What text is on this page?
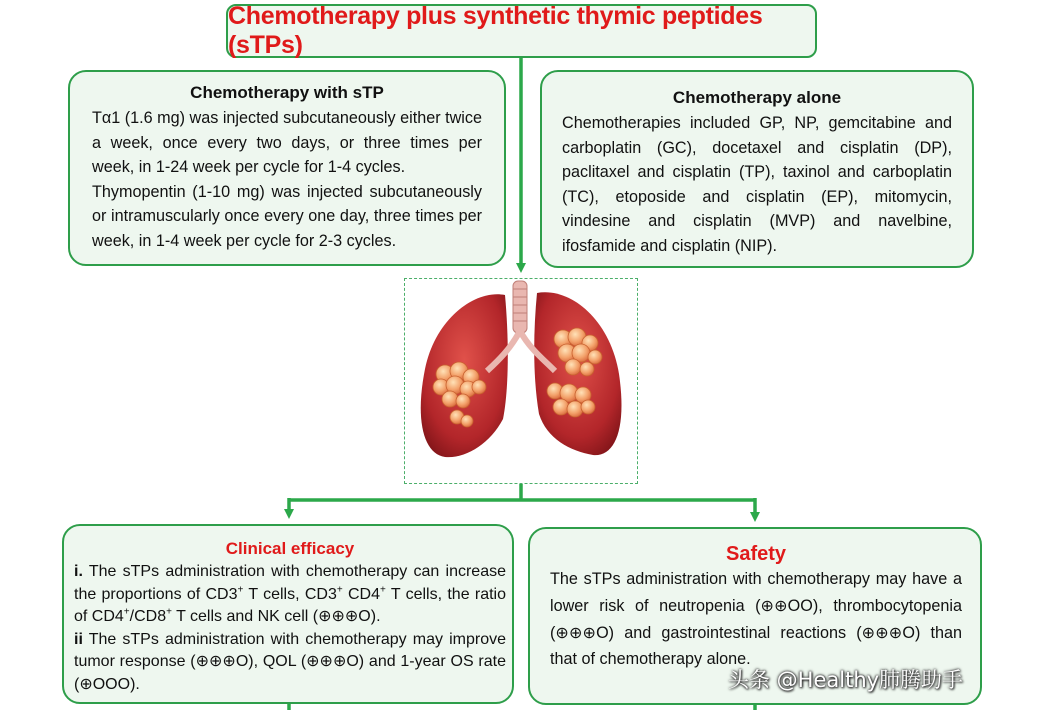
Chemotherapy plus synthetic thymic peptides (sTPs)
Chemotherapy with sTP
Tα1 (1.6 mg) was injected subcutaneously either twice a week, once every two days, or three times per week, in 1-24 week per cycle for 1-4 cycles.
Thymopentin (1-10 mg) was injected subcutaneously or intramuscularly once every one day, three times per week, in 1-4 week per cycle for 2-3 cycles.
Chemotherapy alone
Chemotherapies included GP, NP, gemcitabine and carboplatin (GC), docetaxel and cisplatin (DP), paclitaxel and cisplatin (TP), taxinol and carboplatin (TC), etoposide and cisplatin (EP), mitomycin, vindesine and cisplatin (MVP) and navelbine, ifosfamide and cisplatin (NIP).
Clinical efficacy
i. The sTPs administration with chemotherapy can increase the proportions of CD3+ T cells, CD3+ CD4+ T cells, the ratio of CD4+/CD8+ T cells and NK cell (⊕⊕⊕O).
ii The sTPs administration with chemotherapy may improve tumor response (⊕⊕⊕O), QOL (⊕⊕⊕O) and 1-year OS rate (⊕OOO).
Safety
The sTPs administration with chemotherapy may have a lower risk of neutropenia (⊕⊕OO), thrombocytopenia (⊕⊕⊕O) and gastrointestinal reactions (⊕⊕⊕O) than that of chemotherapy alone.
头条 @Healthy肺腾助手
